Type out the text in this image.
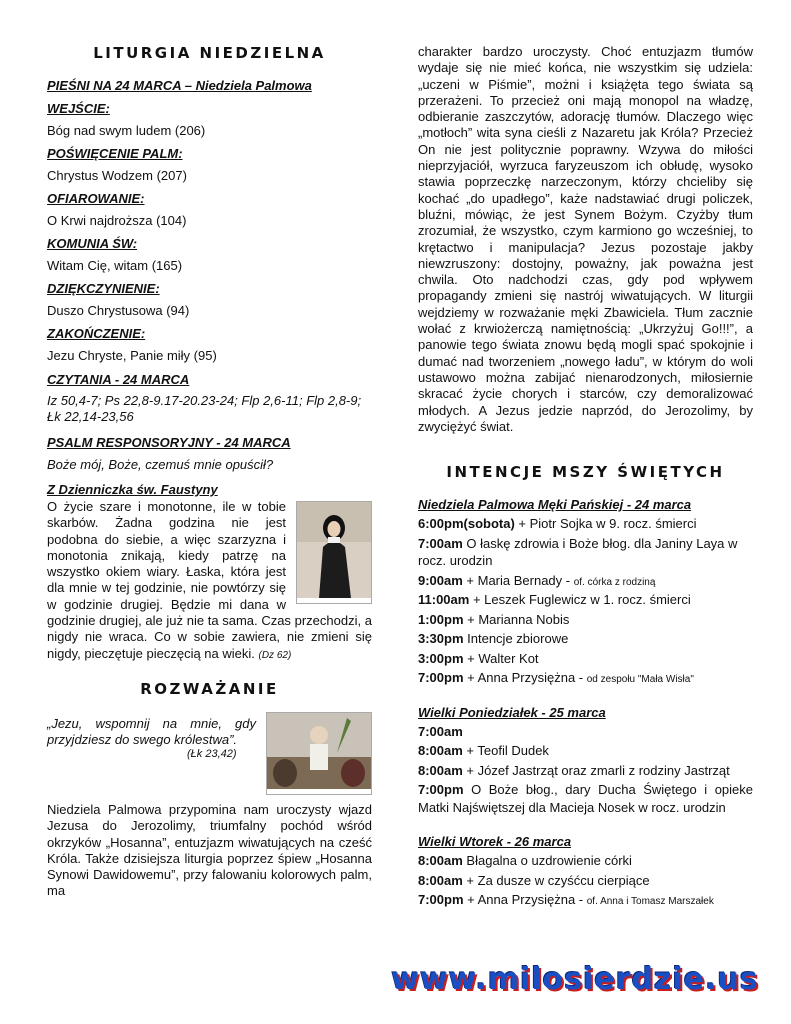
LITURGIA NIEDZIELNA

PIEŚNI NA 24 MARCA – Niedziela Palmowa

WEJŚCIE:

Bóg nad swym ludem (206)

POŚWIĘCENIE PALM:

Chrystus Wodzem (207)

OFIAROWANIE:

O Krwi najdroższa (104)

KOMUNIA ŚW:

Witam Cię, witam (165)

DZIĘKCZYNIENIE:

Duszo Chrystusowa (94)

ZAKOŃCZENIE:

Jezu Chryste, Panie miły (95)

CZYTANIA - 24 MARCA

Iz 50,4-7; Ps 22,8-9.17-20.23-24; Flp 2,6-11; Flp 2,8-9; Łk 22,14-23,56

PSALM RESPONSORYJNY - 24 MARCA

Boże mój, Boże, czemuś mnie opuścił?

Z Dzienniczka św. Faustyny

O życie szare i monotonne, ile w tobie skarbów. Żadna godzina nie jest podobna do siebie, a więc szarzyzna i monotonia znikają, kiedy patrzę na wszystko okiem wiary. Łaska, która jest dla mnie w tej godzinie, nie powtórzy się w godzinie drugiej. Będzie mi dana w godzinie drugiej, ale już nie ta sama. Czas przechodzi, a nigdy nie wraca. Co w sobie zawiera, nie zmieni się nigdy, pieczętuje pieczęcią na wieki. (Dz 62)

ROZWAŻANIE

„Jezu, wspomnij na mnie, gdy przyjdziesz do swego królestwa”.

(Łk 23,42)

Niedziela Palmowa przypomina nam uroczysty wjazd Jezusa do Jerozolimy, triumfalny pochód wśród okrzyków „Hosanna”, entuzjazm wiwatujących na cześć Króla. Także dzisiejsza liturgia poprzez śpiew „Hosanna Synowi Dawidowemu”, przy falowaniu kolorowych palm, ma

charakter bardzo uroczysty. Choć entuzjazm tłumów wydaje się nie mieć końca, nie wszystkim się udziela: „uczeni w Piśmie”, możni i książęta tego świata są przerażeni. To przecież oni mają monopol na władzę, odbieranie zaszczytów, adorację tłumów. Dlaczego więc „motłoch” wita syna cieśli z Nazaretu jak Króla? Przecież On nie jest politycznie poprawny. Wzywa do miłości nieprzyjaciół, wyrzuca faryzeuszom ich obłudę, wysoko stawia poprzeczkę narzeczonym, którzy chcieliby się kochać „do upadłego”, każe nadstawiać drugi policzek, bluźni, mówiąc, że jest Synem Bożym. Czyżby tłum zrozumiał, że wszystko, czym karmiono go wcześniej, to krętactwo i manipulacja? Jezus pozostaje jakby niewzruszony: dostojny, poważny, jak poważna jest chwila. Oto nadchodzi czas, gdy pod wpływem propagandy zmieni się nastrój wiwatujących. W liturgii wejdziemy w rozważanie męki Zbawiciela. Tłum zacznie wołać z krwiożerczą namiętnością: „Ukrzyżuj Go!!!”, a panowie tego świata znowu będą mogli spać spokojnie i dumać nad tworzeniem „nowego ładu”, w którym do woli ustawowo można zabijać nienarodzonych, miłosiernie skracać życie chorych i starców, czy demoralizować młodych. A Jezus jedzie naprzód, do Jerozolimy, by zwyciężyć świat.

INTENCJE MSZY ŚWIĘTYCH

Niedziela Palmowa Męki Pańskiej - 24 marca

6:00pm(sobota) + Piotr Sojka w 9. rocz. śmierci

7:00am O łaskę zdrowia i Boże błog. dla Janiny Laya w rocz. urodzin

9:00am + Maria Bernady - of. córka z rodziną

11:00am + Leszek Fuglewicz w 1. rocz. śmierci

1:00pm + Marianna Nobis

3:30pm Intencje zbiorowe

3:00pm + Walter Kot

7:00pm + Anna Przysiężna - od zespołu "Mała Wisła"

Wielki Poniedziałek - 25 marca

7:00am

8:00am + Teofil Dudek

8:00am + Józef Jastrząt oraz zmarli z rodziny Jastrząt

7:00pm O Boże błog., dary Ducha Świętego i opieke Matki Najświętszej dla Macieja Nosek w rocz. urodzin

Wielki Wtorek - 26 marca

8:00am Błagalna o uzdrowienie córki

8:00am + Za dusze w czyśćcu cierpiące

7:00pm + Anna Przysiężna - of. Anna i Tomasz Marszałek

www.milosierdzie.us
